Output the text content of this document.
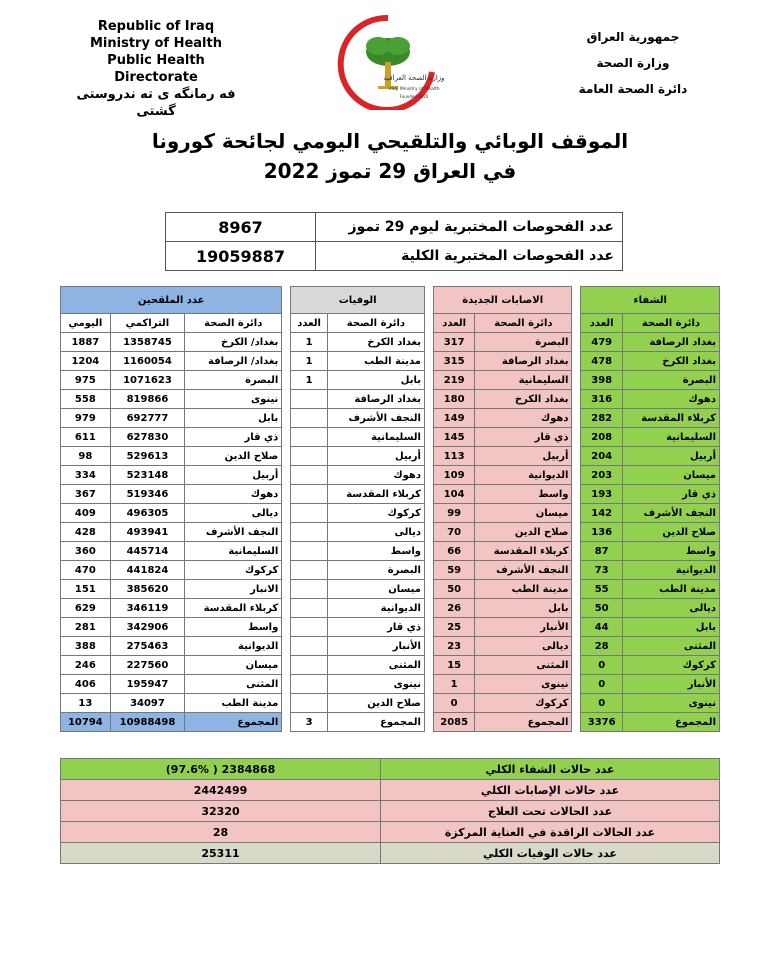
Republic of Iraq
Ministry of Health
Public Health Directorate
فه رمانگه ى ته ندروستى گشتى
وزارة الصحة العراقية
Iraqi Ministry of Health
Founded 1920
جمهورية العراق
وزارة الصحة
دائرة الصحة العامة
الموقف الوبائي والتلقيحي اليومي لجائحة كورونا
في العراق 29 تموز 2022
عدد الفحوصات المختبرية ليوم 29 تموز	8967
عدد الفحوصات المختبرية الكلية	19059887
الشفاء			الاصابات الجديدة			الوفيات			عدد الملقحين		
دائرة الصحة	العدد		دائرة الصحة	العدد		دائرة الصحة	العدد		دائرة الصحة	التراكمي	اليومي
بغداد الرصافة	479		البصرة	317		بغداد الكرخ	1		بغداد/ الكرخ	1358745	1887
بغداد الكرخ	478		بغداد الرصافة	315		مدينة الطب	1		بغداد/ الرصافة	1160054	1204
البصرة	398		السليمانية	219		بابل	1		البصرة	1071623	975
دهوك	316		بغداد الكرخ	180		بغداد الرصافة			نينوى	819866	558
كربلاء المقدسة	282		دهوك	149		النجف الأشرف			بابل	692777	979
السليمانية	208		ذي قار	145		السليمانية			ذي قار	627830	611
أربيل	204		أربيل	113		أربيل			صلاح الدين	529613	98
ميسان	203		الديوانية	109		دهوك			أربيل	523148	334
ذي قار	193		واسط	104		كربلاء المقدسة			دهوك	519346	367
النجف الأشرف	142		ميسان	99		كركوك			ديالى	496305	409
صلاح الدين	136		صلاح الدين	70		ديالى			النجف الأشرف	493941	428
واسط	87		كربلاء المقدسة	66		واسط			السليمانية	445714	360
الديوانية	73		النجف الأشرف	59		البصرة			كركوك	441824	470
مدينة الطب	55		مدينة الطب	50		ميسان			الانبار	385620	151
ديالى	50		بابل	26		الديوانية			كربلاء المقدسة	346119	629
بابل	44		الأنبار	25		ذي قار			واسط	342906	281
المثنى	28		ديالى	23		الأنبار			الديوانية	275463	388
كركوك	0		المثنى	15		المثنى			ميسان	227560	246
الأنبار	0		نينوى	1		نينوى			المثنى	195947	406
نينوى	0		كركوك	0		صلاح الدين			مدينة الطب	34097	13
المجموع	3376		المجموع	2085		المجموع	3		المجموع	10988498	10794
عدد حالات الشفاء الكلي	2384868 ( 97.6%)
عدد حالات الإصابات الكلي	2442499
عدد الحالات تحت العلاج	32320
عدد الحالات الراقدة في العناية المركزة	28
عدد حالات الوفيات الكلي	25311
